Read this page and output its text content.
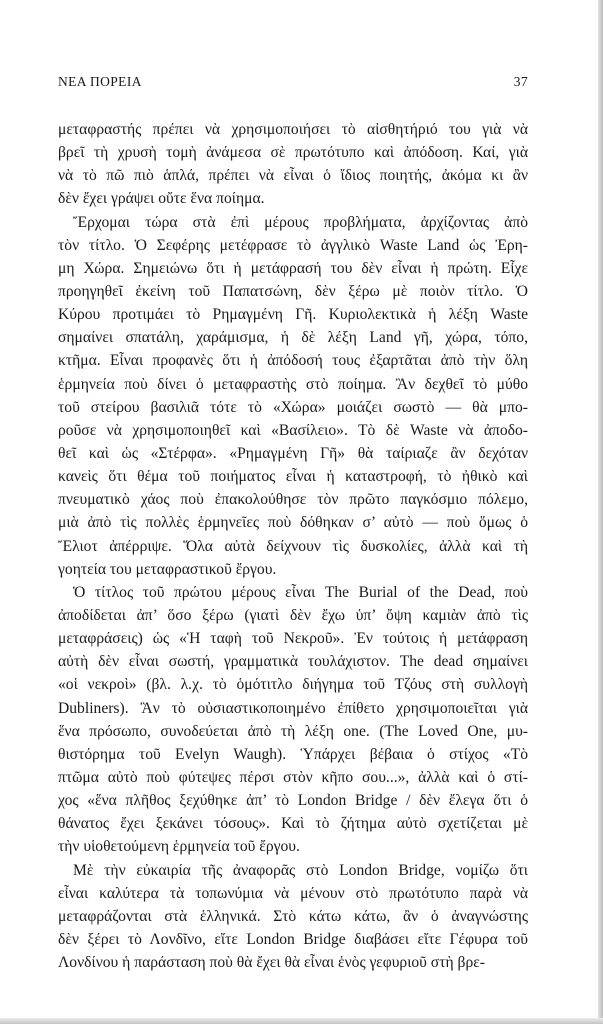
ΝΕΑ ΠΟΡΕΙΑ	37
μεταφραστής πρέπει νὰ χρησιμοποιήσει τὸ αἰσθητήριό του γιὰ νὰ
βρεῖ τὴ χρυσὴ τομὴ ἀνάμεσα σὲ πρωτότυπο καὶ ἀπόδοση. Καί, γιὰ
νὰ τὸ πῶ πιὸ ἁπλά, πρέπει νὰ εἶναι ὁ ἴδιος ποιητής, ἀκόμα κι ἂν
δὲν ἔχει γράψει οὔτε ἕνα ποίημα.
Ἔρχομαι τώρα στὰ ἐπὶ μέρους προβλήματα, ἀρχίζοντας ἀπὸ
τὸν τίτλο. Ὁ Σεφέρης μετέφρασε τὸ ἀγγλικὸ Waste Land ὡς Ἐρη-
μη Χώρα. Σημειώνω ὅτι ἡ μετάφρασή του δὲν εἶναι ἡ πρώτη. Εἶχε
προηγηθεῖ ἐκείνη τοῦ Παπατσώνη, δὲν ξέρω μὲ ποιὸν τίτλο. Ὁ
Κύρου προτιμάει τὸ Ρημαγμένη Γῆ. Κυριολεκτικὰ ἡ λέξη Waste
σημαίνει σπατάλη, χαράμισμα, ἡ δὲ λέξη Land γῆ, χώρα, τόπο,
κτῆμα. Εἶναι προφανὲς ὅτι ἡ ἀπόδοσή τους ἐξαρτᾶται ἀπὸ τὴν ὅλη
ἑρμηνεία ποὺ δίνει ὁ μεταφραστὴς στὸ ποίημα. Ἂν δεχθεῖ τὸ μύθο
τοῦ στείρου βασιλιᾶ τότε τὸ «Χώρα» μοιάζει σωστὸ — θὰ μπο-
ροῦσε νὰ χρησιμοποιηθεῖ καὶ «Βασίλειο». Τὸ δὲ Waste νὰ ἀποδο-
θεῖ καὶ ὡς «Στέρφα». «Ρημαγμένη Γῆ» θὰ ταίριαζε ἂν δεχόταν
κανεὶς ὅτι θέμα τοῦ ποιήματος εἶναι ἡ καταστροφή, τὸ ἠθικὸ καὶ
πνευματικὸ χάος ποὺ ἐπακολούθησε τὸν πρῶτο παγκόσμιο πόλεμο,
μιὰ ἀπὸ τὶς πολλὲς ἑρμηνεῖες ποὺ δόθηκαν σ’ αὐτὸ — ποὺ ὅμως ὁ
Ἔλιοτ ἀπέρριψε. Ὅλα αὐτὰ δείχνουν τὶς δυσκολίες, ἀλλὰ καὶ τὴ
γοητεία του μεταφραστικοῦ ἔργου.
Ὁ τίτλος τοῦ πρώτου μέρους εἶναι The Burial of the Dead, ποὺ
ἀποδίδεται ἀπ’ ὅσο ξέρω (γιατὶ δὲν ἔχω ὑπ’ ὄψη καμιὰν ἀπὸ τὶς
μεταφράσεις) ὡς «Ἡ ταφὴ τοῦ Νεκροῦ». Ἐν τούτοις ἡ μετάφραση
αὐτὴ δὲν εἶναι σωστή, γραμματικὰ τουλάχιστον. The dead σημαίνει
«οἱ νεκροὶ» (βλ. λ.χ. τὸ ὁμότιτλο διήγημα τοῦ Τζόυς στὴ συλλογὴ
Dubliners). Ἂν τὸ οὐσιαστικοποιημένο ἐπίθετο χρησιμοποιεῖται γιὰ
ἕνα πρόσωπο, συνοδεύεται ἀπὸ τὴ λέξη one. (The Loved One, μυ-
θιστόρημα τοῦ Evelyn Waugh). Ὑπάρχει βέβαια ὁ στίχος «Τὸ
πτῶμα αὐτὸ ποὺ φύτεψες πέρσι στὸν κῆπο σου...», ἀλλὰ καὶ ὁ στί-
χος «ἕνα πλῆθος ξεχύθηκε ἀπ’ τὸ London Bridge / δὲν ἔλεγα ὅτι ὁ
θάνατος ἔχει ξεκάνει τόσους». Καὶ τὸ ζήτημα αὐτὸ σχετίζεται μὲ
τὴν υἱοθετούμενη ἑρμηνεία τοῦ ἔργου.
Μὲ τὴν εὐκαιρία τῆς ἀναφορᾶς στὸ London Bridge, νομίζω ὅτι
εἶναι καλύτερα τὰ τοπωνύμια νὰ μένουν στὸ πρωτότυπο παρὰ νὰ
μεταφράζονται στὰ ἑλληνικά. Στὸ κάτω κάτω, ἂν ὁ ἀναγνώστης
δὲν ξέρει τὸ Λονδῖνο, εἴτε London Bridge διαβάσει εἴτε Γέφυρα τοῦ
Λονδίνου ἡ παράσταση ποὺ θὰ ἔχει θὰ εἶναι ἑνὸς γεφυριοῦ στὴ βρε-
